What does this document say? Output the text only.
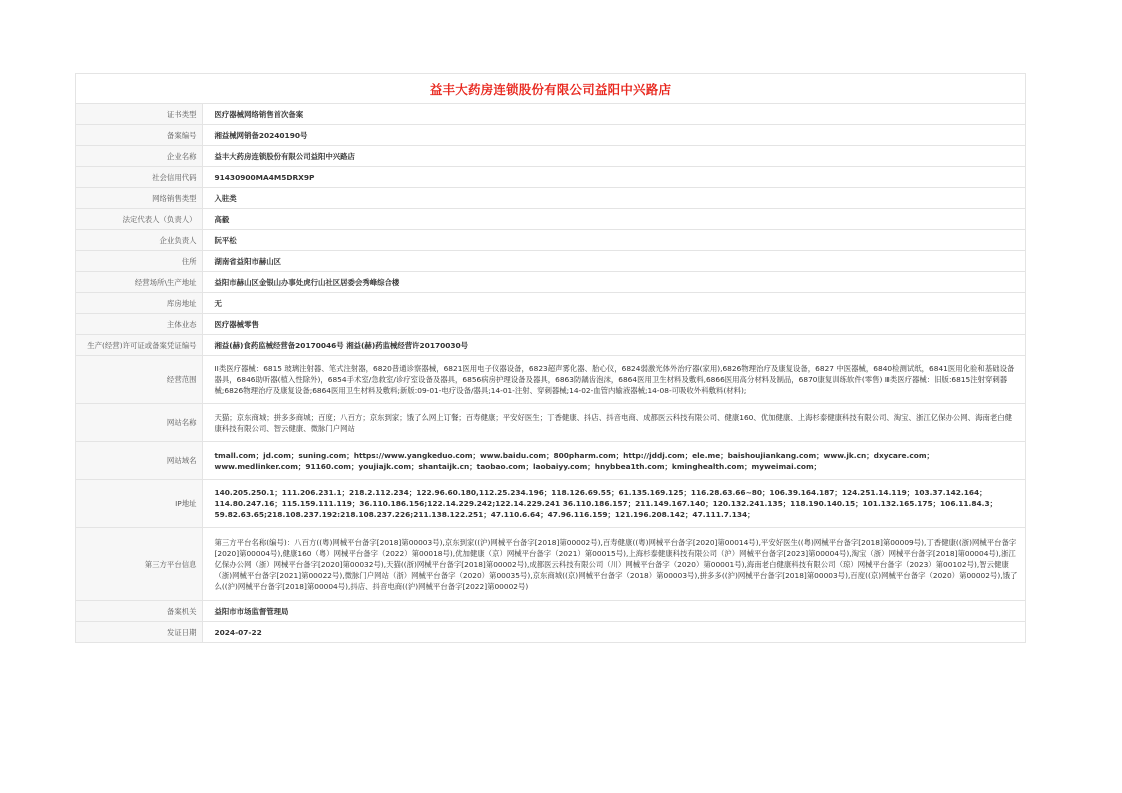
益丰大药房连锁股份有限公司益阳中兴路店
证书类型	医疗器械网络销售首次备案
备案编号	湘益械网销备20240190号
企业名称	益丰大药房连锁股份有限公司益阳中兴路店
社会信用代码	91430900MA4M5DRX9P
网络销售类型	入驻类
法定代表人（负责人）	高毅
企业负责人	阮平松
住所	湖南省益阳市赫山区
经营场所\生产地址	益阳市赫山区金银山办事处虎行山社区居委会秀峰综合楼
库房地址	无
主体业态	医疗器械零售
生产(经营)许可证或备案凭证编号	湘益(赫)食药监械经营备20170046号 湘益(赫)药监械经营许20170030号
经营范围	II类医疗器械：6815 玻璃注射器、笔式注射器，6820普通诊察器械，6821医用电子仪器设备，6823超声雾化器、胎心仪，6824弱激光体外治疗器(家用),6826物理治疗及康复设备，6827 中医器械，6840检测试纸，6841医用化验和基础设备器具，6846助听器(植入性除外)，6854手术室/急救室/诊疗室设备及器具，6856病房护理设备及器具，6863防龋齿泡沫，6864医用卫生材料及敷料,6866医用高分材料及制品，6870康复训练软件(零售) Ⅲ类医疗器械：旧版:6815注射穿刺器械;6826物理治疗及康复设备;6864医用卫生材料及敷料;新版:09-01-电疗设备/器具;14-01-注射、穿刺器械;14-02-血管内输液器械;14-08-可吸收外科敷料(材料);
网站名称	天猫；京东商城；拼多多商城；百度；八百方；京东到家；饿了么网上订餐；百寿健康；平安好医生；丁香健康、抖店、抖音电商、成都医云科技有限公司、健康160、优加健康、上海杉泰健康科技有限公司、淘宝、浙江亿保办公网、海南老白健康科技有限公司、智云健康、微脉门户网站
网站域名	tmall.com；jd.com；suning.com；https://www.yangkeduo.com；www.baidu.com；800pharm.com；http://jddj.com；ele.me；baishoujiankang.com；www.jk.cn；dxycare.com；www.medlinker.com；91160.com；youjiajk.com；shantaijk.cn；taobao.com；laobaiyy.com；hnybbea1th.com；kminghealth.com；myweimai.com；
IP地址	140.205.250.1；111.206.231.1；218.2.112.234；122.96.60.180,112.25.234.196；118.126.69.55；61.135.169.125；116.28.63.66~80；106.39.164.187；124.251.14.119；103.37.142.164；114.80.247.16；115.159.111.119；36.110.186.156;122.14.229.242;122.14.229.241 36.110.186.157；211.149.167.140；120.132.241.135；118.190.140.15；101.132.165.175；106.11.84.3；59.82.63.65;218.108.237.192:218.108.237.226;211.138.122.251；47.110.6.64；47.96.116.159；121.196.208.142；47.111.7.134；
第三方平台信息	第三方平台名称(编号)：八百方((粤)网械平台备字[2018]第00003号),京东到家((沪)网械平台备字[2018]第00002号),百寿健康((粤)网械平台备字[2020]第00014号),平安好医生((粤)网械平台备字[2018]第00009号),丁香健康((浙)网械平台备字[2020]第00004号),健康160（粤）网械平台备字（2022）第00018号),优加健康（京）网械平台备字（2021）第00015号),上海杉泰健康科技有限公司（沪）网械平台备字[2023]第00004号),淘宝（浙）网械平台备字[2018]第00004号),浙江亿保办公网（浙）网械平台备字[2020]第00032号),天猫((浙)网械平台备字[2018]第00002号),成都医云科技有限公司（川）网械平台备字（2020）第00001号),海南老白健康科技有限公司（琼）网械平台备字（2023）第00102号),智云健康（浙)网械平台备字[2021]第00022号),微脉门户网站（浙）网械平台备字（2020）第00035号),京东商城((京)网械平台备字（2018）第00003号),拼多多((沪)网械平台备字[2018]第00003号),百度((京)网械平台备字（2020）第00002号),饿了么((沪)网械平台备字[2018]第00004号),抖店、抖音电商((沪)网械平台备字[2022]第00002号)
备案机关	益阳市市场监督管理局
发证日期	2024-07-22
